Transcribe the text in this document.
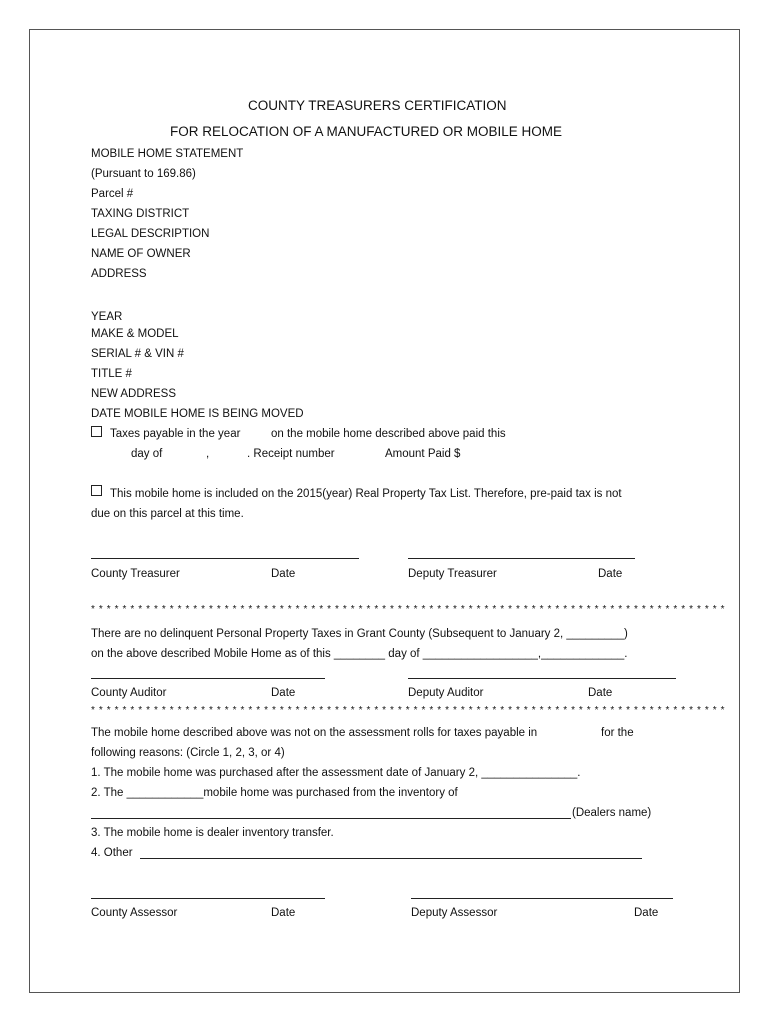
COUNTY TREASURERS CERTIFICATION
FOR RELOCATION OF A MANUFACTURED OR MOBILE HOME
MOBILE HOME STATEMENT
(Pursuant to 169.86)
Parcel #
TAXING DISTRICT
LEGAL DESCRIPTION
NAME OF OWNER
ADDRESS
YEAR
MAKE & MODEL
SERIAL # & VIN #
TITLE #
NEW ADDRESS
DATE MOBILE HOME IS BEING MOVED
Taxes payable in the year	on the mobile home described above paid this
day of	,	. Receipt number	Amount Paid $
This mobile home is included on the 2015(year) Real Property Tax List. Therefore, pre-paid tax is not
due on this parcel at this time.
County Treasurer	Date	Deputy Treasurer	Date
* * * * * * * * * * * * * * * * * * * * * * * * * * * * * * * * * * * * * * * * * * * * * * * * * * * * * * * * * * * * * * * * * * * * * * * * * * * * * * * * *
There are no delinquent Personal Property Taxes in Grant County (Subsequent to January 2, _________)
on the above described Mobile Home as of this ________ day of __________________,_____________.
County Auditor	Date	Deputy Auditor	Date
* * * * * * * * * * * * * * * * * * * * * * * * * * * * * * * * * * * * * * * * * * * * * * * * * * * * * * * * * * * * * * * * * * * * * * * * * * * * * * * * *
The mobile home described above was not on the assessment rolls for taxes payable in	for the
following reasons: (Circle 1, 2, 3, or 4)
1. The mobile home was purchased after the assessment date of January 2, _______________.
2. The ____________mobile home was purchased from the inventory of
(Dealers name)
3. The mobile home is dealer inventory transfer.
4. Other
County Assessor	Date	Deputy Assessor	Date
